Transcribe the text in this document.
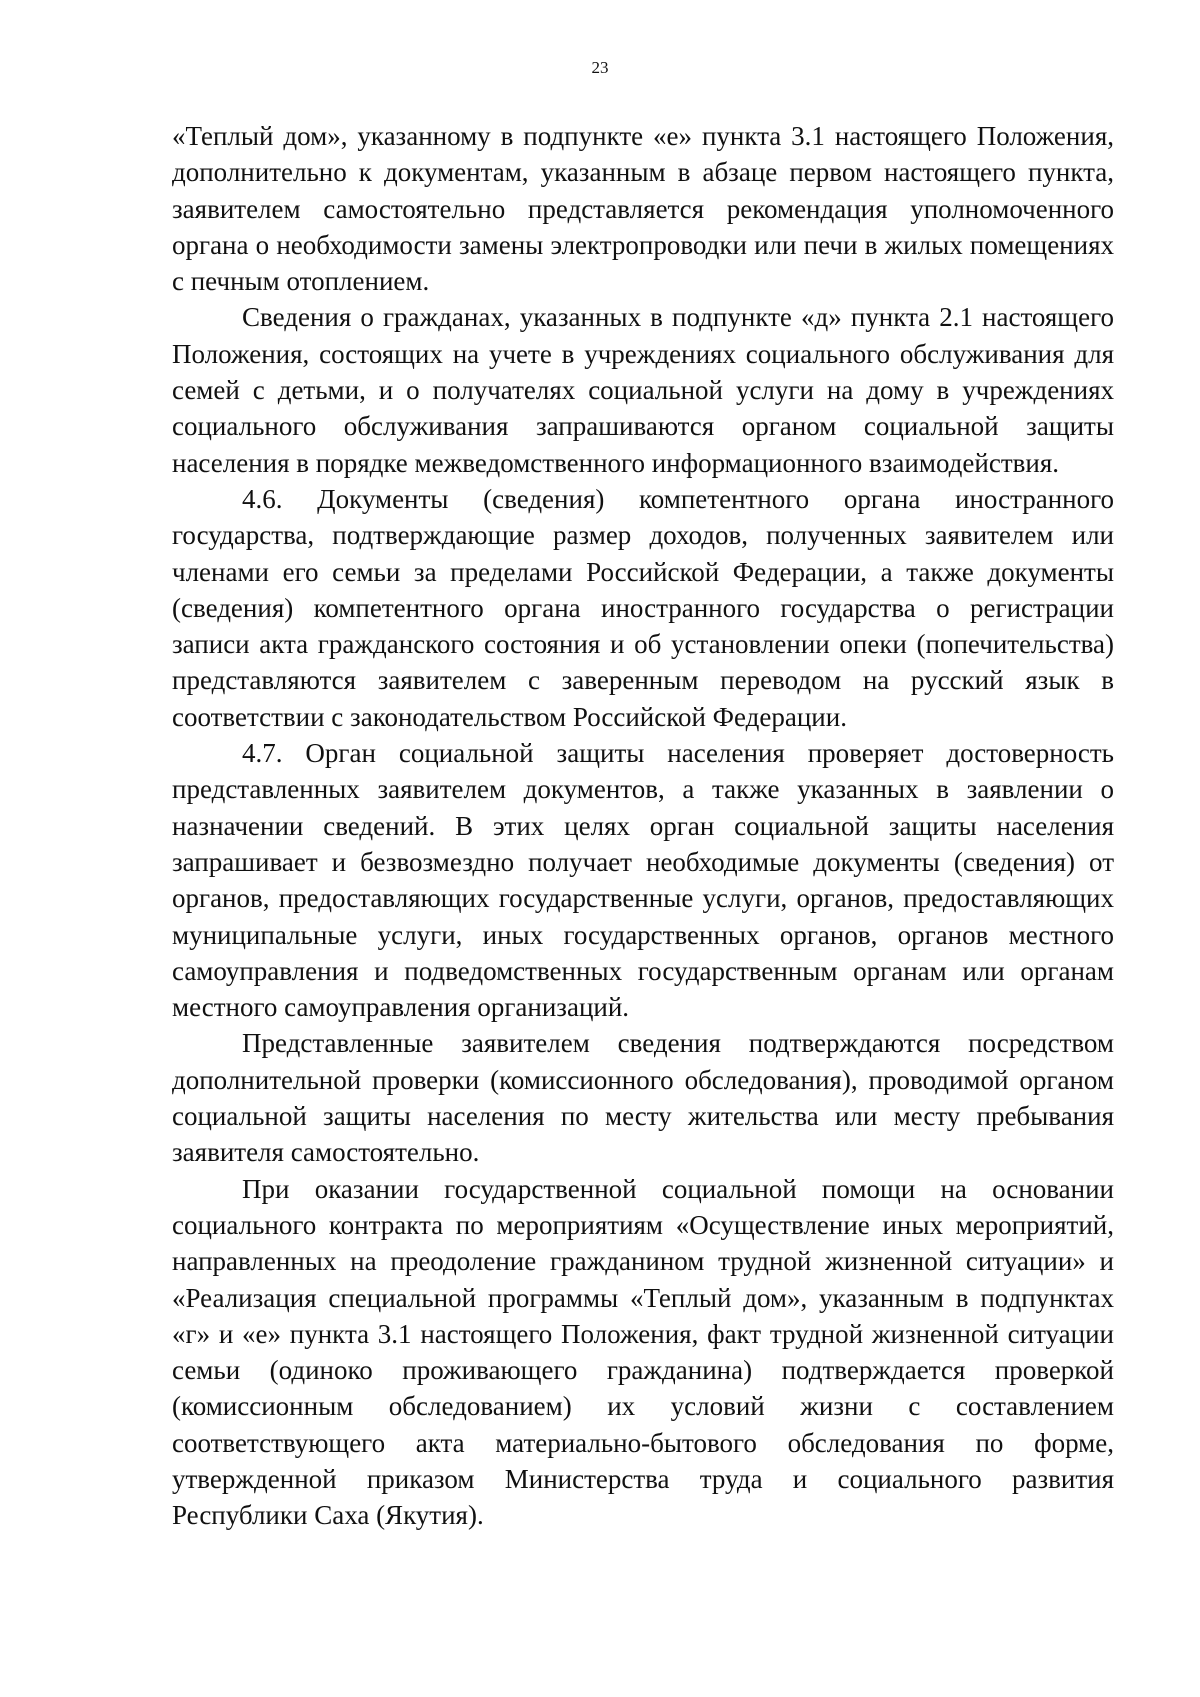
23

«Теплый дом», указанному в подпункте «е» пункта 3.1 настоящего Положения, дополнительно к документам, указанным в абзаце первом настоящего пункта, заявителем самостоятельно представляется рекомендация уполномоченного органа о необходимости замены электропроводки или печи в жилых помещениях с печным отоплением.

Сведения о гражданах, указанных в подпункте «д» пункта 2.1 настоящего Положения, состоящих на учете в учреждениях социального обслуживания для семей с детьми, и о получателях социальной услуги на дому в учреждениях социального обслуживания запрашиваются органом социальной защиты населения в порядке межведомственного информационного взаимодействия.

4.6. Документы (сведения) компетентного органа иностранного государства, подтверждающие размер доходов, полученных заявителем или членами его семьи за пределами Российской Федерации, а также документы (сведения) компетентного органа иностранного государства о регистрации записи акта гражданского состояния и об установлении опеки (попечительства) представляются заявителем с заверенным переводом на русский язык в соответствии с законодательством Российской Федерации.

4.7. Орган социальной защиты населения проверяет достоверность представленных заявителем документов, а также указанных в заявлении о назначении сведений. В этих целях орган социальной защиты населения запрашивает и безвозмездно получает необходимые документы (сведения) от органов, предоставляющих государственные услуги, органов, предоставляющих муниципальные услуги, иных государственных органов, органов местного самоуправления и подведомственных государственным органам или органам местного самоуправления организаций.

Представленные заявителем сведения подтверждаются посредством дополнительной проверки (комиссионного обследования), проводимой органом социальной защиты населения по месту жительства или месту пребывания заявителя самостоятельно.

При оказании государственной социальной помощи на основании социального контракта по мероприятиям «Осуществление иных мероприятий, направленных на преодоление гражданином трудной жизненной ситуации» и «Реализация специальной программы «Теплый дом», указанным в подпунктах «г» и «е» пункта 3.1 настоящего Положения, факт трудной жизненной ситуации семьи (одиноко проживающего гражданина) подтверждается проверкой (комиссионным обследованием) их условий жизни с составлением соответствующего акта материально-бытового обследования по форме, утвержденной приказом Министерства труда и социального развития Республики Саха (Якутия).
